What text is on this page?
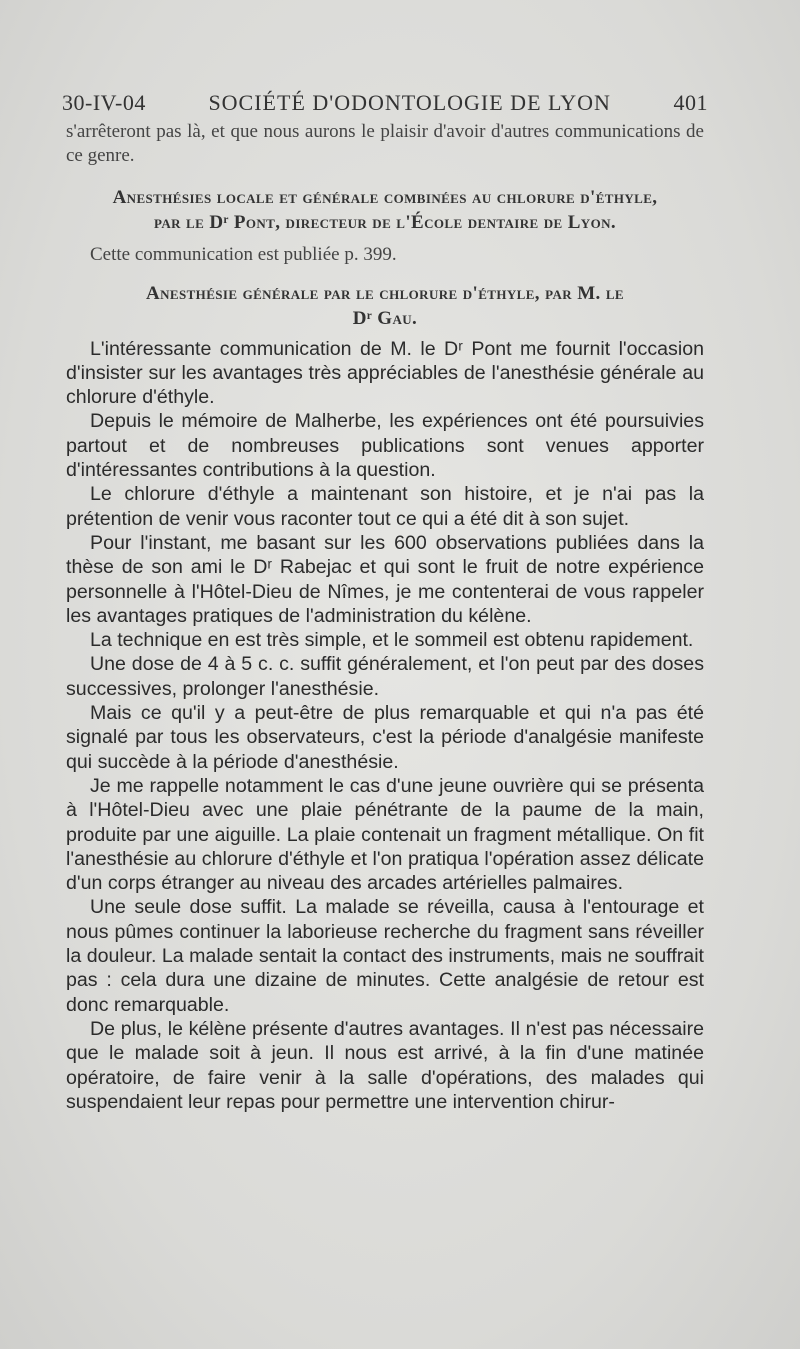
30-IV-04	SOCIÉTÉ D'ODONTOLOGIE DE LYON	401

s'arrêteront pas là, et que nous aurons le plaisir d'avoir d'autres communications de ce genre.

Anesthésies locale et générale combinées au chlorure d'éthyle,
par le Dʳ Pont, directeur de l'École dentaire de Lyon.

Cette communication est publiée p. 399.

Anesthésie générale par le chlorure d'éthyle, par M. le
Dʳ Gau.

L'intéressante communication de M. le Dʳ Pont me fournit l'occasion d'insister sur les avantages très appréciables de l'anesthésie générale au chlorure d'éthyle.

Depuis le mémoire de Malherbe, les expériences ont été poursuivies partout et de nombreuses publications sont venues apporter d'intéressantes contributions à la question.

Le chlorure d'éthyle a maintenant son histoire, et je n'ai pas la prétention de venir vous raconter tout ce qui a été dit à son sujet.

Pour l'instant, me basant sur les 600 observations publiées dans la thèse de son ami le Dʳ Rabejac et qui sont le fruit de notre expérience personnelle à l'Hôtel-Dieu de Nîmes, je me contenterai de vous rappeler les avantages pratiques de l'administration du kélène.

La technique en est très simple, et le sommeil est obtenu rapidement.

Une dose de 4 à 5 c. c. suffit généralement, et l'on peut par des doses successives, prolonger l'anesthésie.

Mais ce qu'il y a peut-être de plus remarquable et qui n'a pas été signalé par tous les observateurs, c'est la période d'analgésie manifeste qui succède à la période d'anesthésie.

Je me rappelle notamment le cas d'une jeune ouvrière qui se présenta à l'Hôtel-Dieu avec une plaie pénétrante de la paume de la main, produite par une aiguille. La plaie contenait un fragment métallique. On fit l'anesthésie au chlorure d'éthyle et l'on pratiqua l'opération assez délicate d'un corps étranger au niveau des arcades artérielles palmaires.

Une seule dose suffit. La malade se réveilla, causa à l'entourage et nous pûmes continuer la laborieuse recherche du fragment sans réveiller la douleur. La malade sentait la contact des instruments, mais ne souffrait pas : cela dura une dizaine de minutes. Cette analgésie de retour est donc remarquable.

De plus, le kélène présente d'autres avantages. Il n'est pas nécessaire que le malade soit à jeun. Il nous est arrivé, à la fin d'une matinée opératoire, de faire venir à la salle d'opérations, des malades qui suspendaient leur repas pour permettre une intervention chirur-
